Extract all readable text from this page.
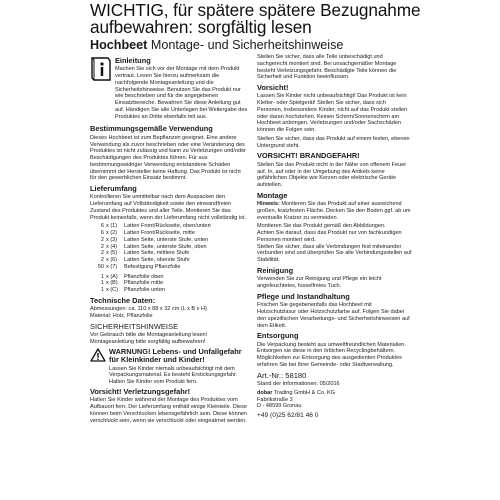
WICHTIG, für spätere spätere Bezugnahme aufbewahren: sorgfältig lesen
Hochbeet Montage- und Sicherheitshinweise
Einleitung

Machen Sie sich vor der Montage mit dem Produkt vertraut. Lesen Sie hierzu aufmerksam die nachfolgende Montageanleitung und die Sicherheitshinweise. Benutzen Sie das Produkt nur wie beschrieben und für die angegebenen Einsatzbereiche. Bewahren Sie diese Anleitung gut auf. Händigen Sie alle Unterlagen bei Weitergabe des Produktes an Dritte ebenfalls mit aus.

Bestimmungsgemäße Verwendung

Dieses Hochbeet ist zum Bepflanzen geeignet. Eine andere Verwendung als zuvor beschrieben oder eine Veränderung des Produktes ist nicht zulässig und kann zu Verletzungen und/oder Beschädigungen des Produktes führen. Für aus bestimmungswidriger Verwendung entstandene Schäden übernimmt der Hersteller keine Haftung. Das Produkt ist nicht für den gewerblichen Einsatz bestimmt.

Lieferumfang

Kontrollieren Sie unmittelbar nach dem Auspacken den Lieferumfang auf Vollständigkeit sowie den einwandfreien Zustand des Produktes und aller Teile. Montieren Sie das Produkt keinesfalls, wenn der Lieferumfang nicht vollständig ist.

6 x (1)	Latten Front/Rückseite, oben/unten
6 x (2)	Latten Front/Rückseite, mitte
2 x (3)	Latten Seite, unterste Stufe, unten
2 x (4)	Latten Seite, unterste Stufe, oben
2 x (5)	Latten Seite, mittlere Stufe
2 x (6)	Latten Seite, oberste Stufe
50 x (7)	Befestigung Pflanzfolie
1 x (A)	Pflanzfolie oben
1 x (B)	Pflanzfolie mitte
1 x (C)	Pflanzfolie unten
Technische Daten:

Abmessungen: ca. 110 x 88 x 32 cm (L x B x H)

Material: Holz, Pflanzfolie

SICHERHEITSHINWEISE

Vor Gebrauch bitte die Montageanleitung lesen! Montageanleitung bitte sorgfältig aufbewahren!

WARNUNG! Lebens- und Unfallgefahr für Kleinkinder und Kinder!

Lassen Sie Kinder niemals unbeaufsichtigt mit dem Verpackungsmaterial. Es besteht Erstickungsgefahr. Halten Sie Kinder vom Produkt fern.

Vorsicht! Verletzungsgefahr!

Halten Sie Kinder während der Montage des Produktes vom Aufbauort fern. Der Lieferumfang enthält einige Kleinteile. Diese können beim Verschlucken lebensgefährlich sein. Diese können verschluckt sein, wenn sie verschluckt oder eingeatmet werden.

Stellen Sie sicher, dass alle Teile unbeschädigt und sachgerecht montiert sind. Bei unsachgemäßer Montage besteht Verletzungsgefahr. Beschädigte Teile können die Sicherheit und Funktion beeinflussen.

Vorsicht!

Lassen Sie Kinder nicht unbeaufsichtigt! Das Produkt ist kein Kletter- oder Spielgerät! Stellen Sie sicher, dass sich Personen, insbesondere Kinder, nicht auf das Produkt stellen oder daran hochziehen. Keinen Schirm/Sonnenschirm am Hochbeet anbringen. Verletzungen und/oder Sachschäden können die Folgen sein.

Stellen Sie sicher, dass das Produkt auf einem festen, ebenen Untergrund steht.

VORSICHT! BRANDGEFAHR!

Stellen Sie das Produkt nicht in der Nähe von offenem Feuer auf. In, auf oder in der Umgebung des Artikels keine gefährlichen Objekte wie Kerzen oder elektrische Geräte aufstellen.

Montage

Hinweis: Montieren Sie das Produkt auf einer ausreichend großen, kratzfesten Fläche. Decken Sie den Boden ggf. ab um eventuelle Kratzer zu vermeiden.

Montieren Sie das Produkt gemäß den Abbildungen.

Achten Sie darauf, dass das Produkt nur von fachkundigen Personen montiert wird.

Stellen Sie sicher, dass alle Verbindungen fest miteinander verbunden sind und überprüfen Sie alle Verbindungsstellen auf Stabilität.

Reinigung

Verwenden Sie zur Reinigung und Pflege ein leicht angefeuchtetes, fusselfreies Tuch.

Pflege und Instandhaltung

Frischen Sie gegebenenfalls das Hochbeet mit Holzschutzlasur oder Holzschutzfarbe auf. Folgen Sie dabei den spezifischen Verarbeitungs- und Sicherheitshinweisen auf dem Etikett.

Entsorgung

Die Verpackung besteht aus umweltfreundlichen Materialien. Entsorgen sie diese in den örtlichen Recyclingbehältern. Möglichkeiten zur Entsorgung des ausgedienten Produktes erfahren Sie bei Ihrer Gemeinde- oder Stadtverwaltung.

Art.-Nr.: 58180

Stand der Informationen: 05/2016

dobar Trading GmbH & Co. KG

Fabrikstraße 3

D - 48599 Gronau

+49 (0)25 62/81 46 0
